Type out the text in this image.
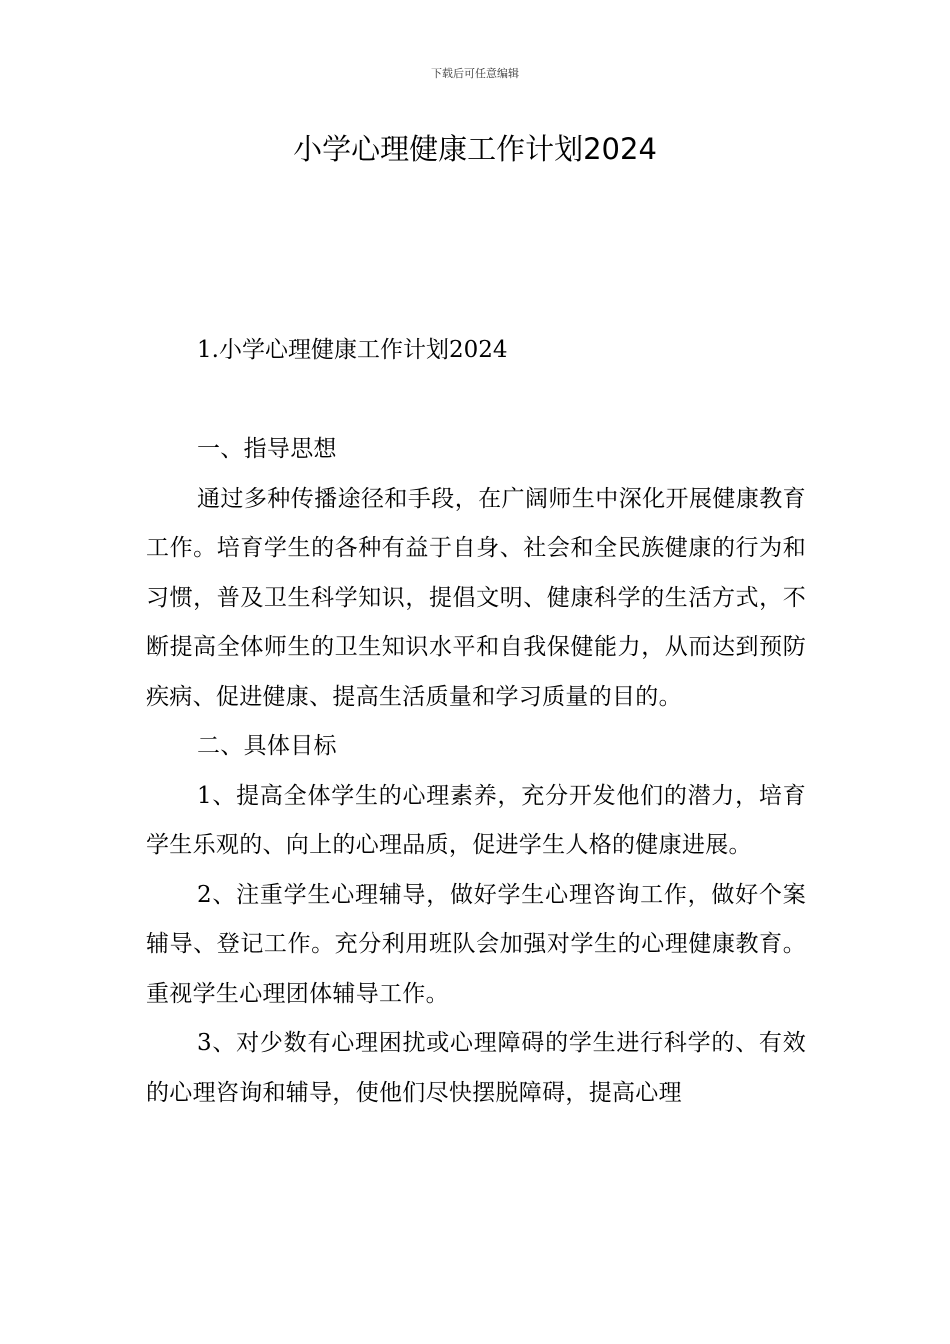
下载后可任意编辑
小学心理健康工作计划2024
1.小学心理健康工作计划2024

一、指导思想

通过多种传播途径和手段，在广阔师生中深化开展健康教育工作。培育学生的各种有益于自身、社会和全民族健康的行为和习惯，普及卫生科学知识，提倡文明、健康科学的生活方式，不断提高全体师生的卫生知识水平和自我保健能力，从而达到预防疾病、促进健康、提高生活质量和学习质量的目的。

二、具体目标

1、提高全体学生的心理素养，充分开发他们的潜力，培育学生乐观的、向上的心理品质，促进学生人格的健康进展。

2、注重学生心理辅导，做好学生心理咨询工作，做好个案辅导、登记工作。充分利用班队会加强对学生的心理健康教育。重视学生心理团体辅导工作。

3、对少数有心理困扰或心理障碍的学生进行科学的、有效的心理咨询和辅导，使他们尽快摆脱障碍，提高心理
